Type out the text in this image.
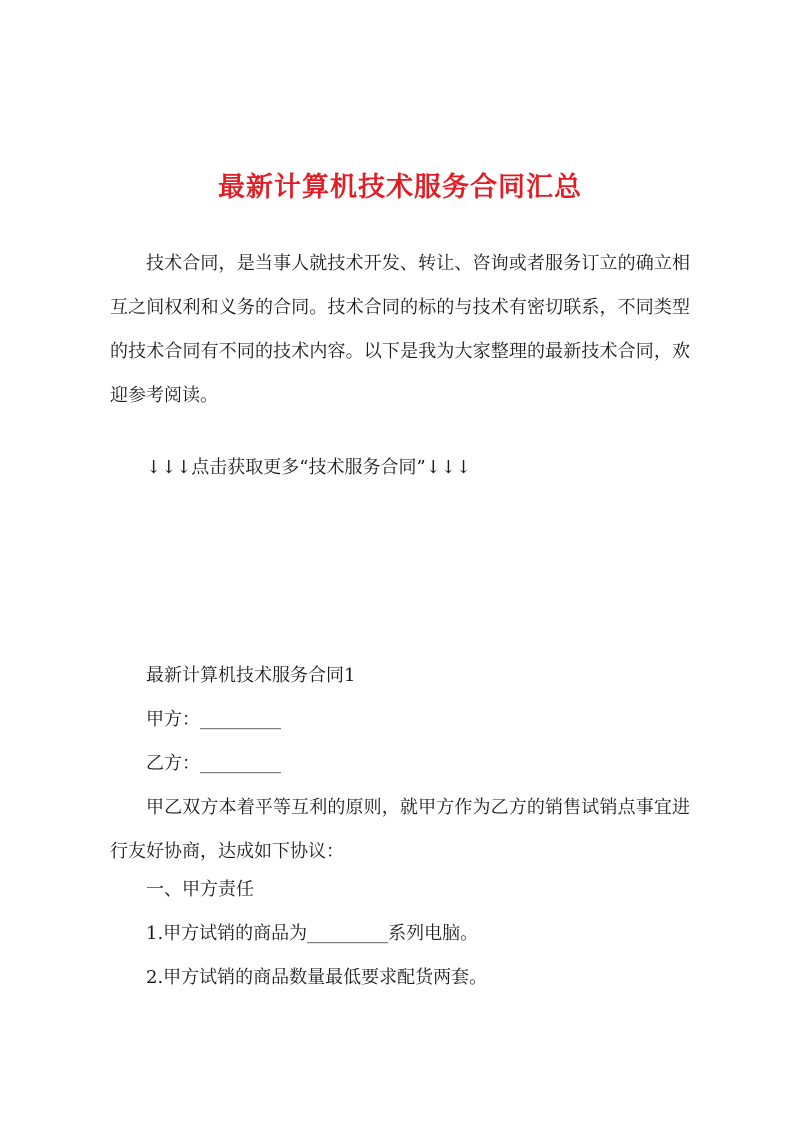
最新计算机技术服务合同汇总

技术合同，是当事人就技术开发、转让、咨询或者服务订立的确立相互之间权利和义务的合同。技术合同的标的与技术有密切联系，不同类型的技术合同有不同的技术内容。以下是我为大家整理的最新技术合同，欢迎参考阅读。

↓↓↓点击获取更多“技术服务合同”↓↓↓

最新计算机技术服务合同1

甲方：_________

乙方：_________

甲乙双方本着平等互利的原则，就甲方作为乙方的销售试销点事宜进行友好协商，达成如下协议：

一、甲方责任

1.甲方试销的商品为_________系列电脑。

2.甲方试销的商品数量最低要求配货两套。
